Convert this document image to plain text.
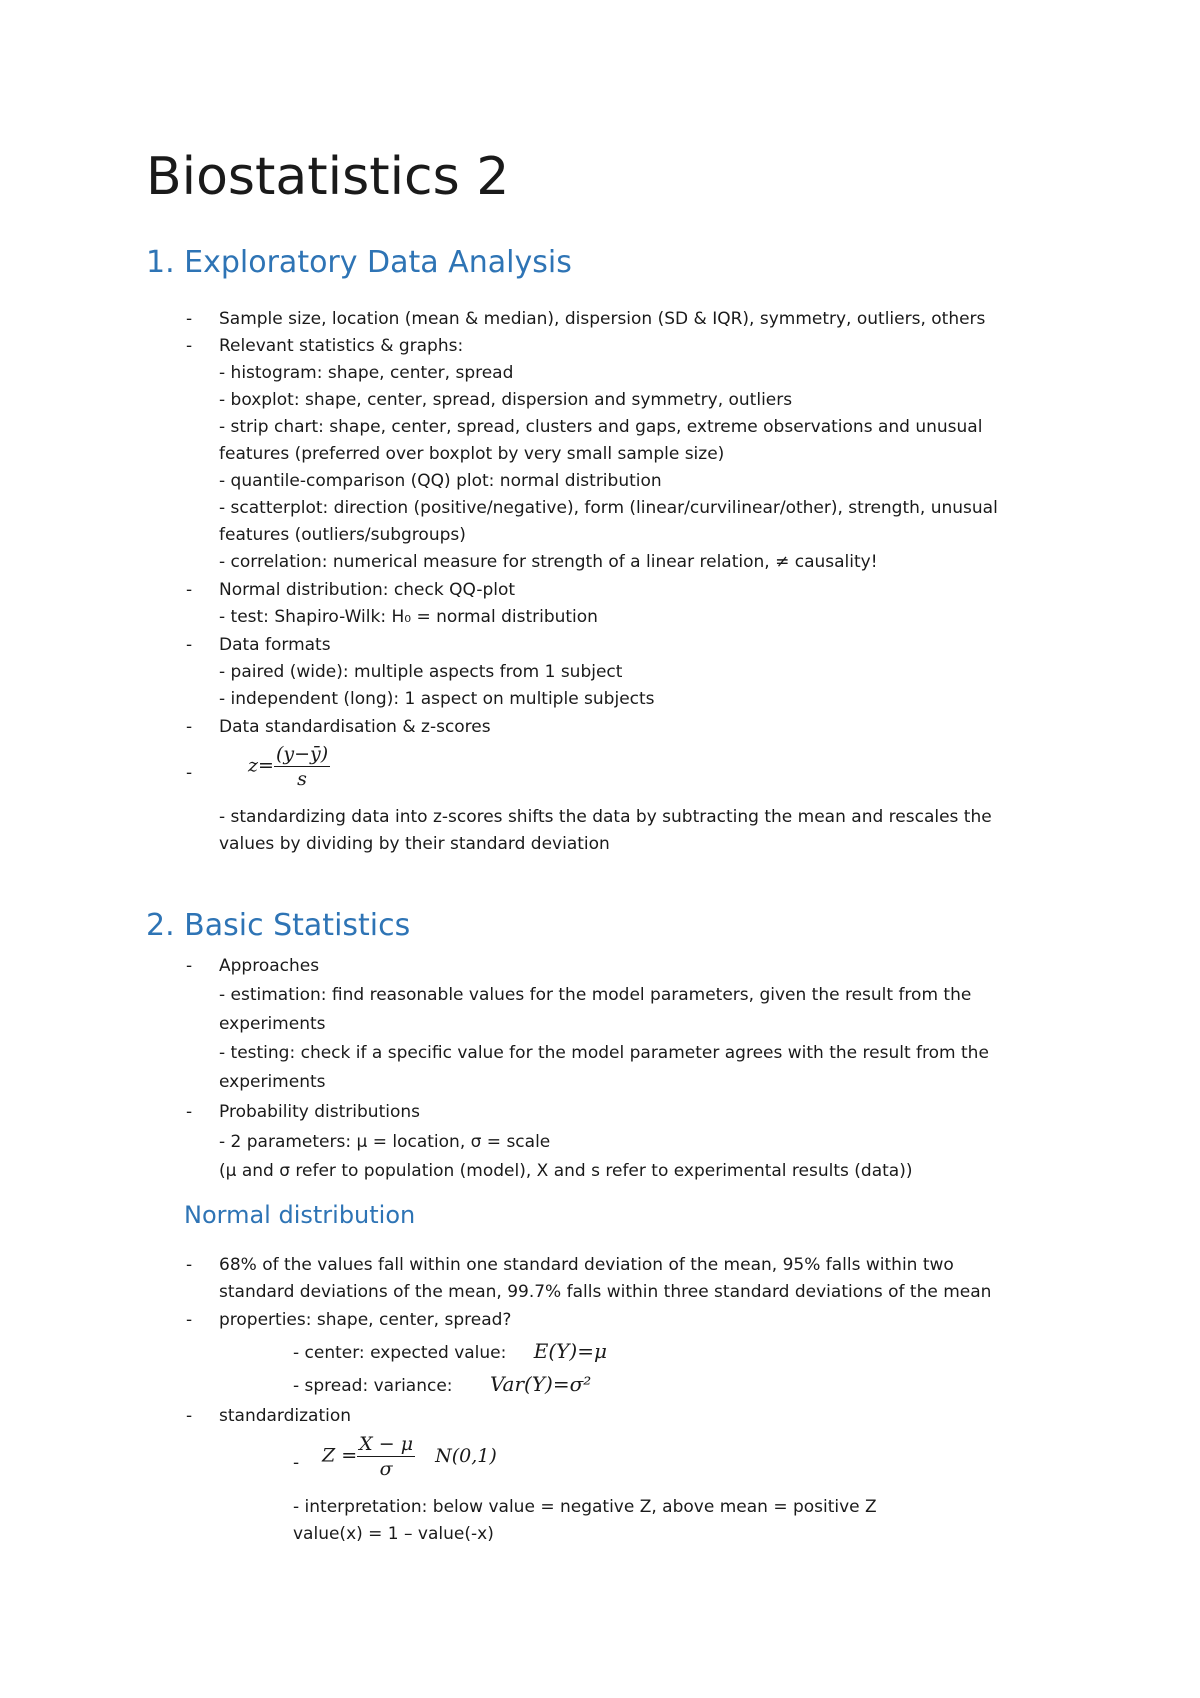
Biostatistics 2
1. Exploratory Data Analysis
- Sample size, location (mean & median), dispersion (SD & IQR), symmetry, outliers, others
- Relevant statistics & graphs:
- histogram: shape, center, spread
- boxplot: shape, center, spread, dispersion and symmetry, outliers
- strip chart: shape, center, spread, clusters and gaps, extreme observations and unusual
features (preferred over boxplot by very small sample size)
- quantile-comparison (QQ) plot: normal distribution
- scatterplot: direction (positive/negative), form (linear/curvilinear/other), strength, unusual
features (outliers/subgroups)
- correlation: numerical measure for strength of a linear relation, ≠ causality!
- Normal distribution: check QQ-plot
- test: Shapiro-Wilk: H₀ = normal distribution
- Data formats
- paired (wide): multiple aspects from 1 subject
- independent (long): 1 aspect on multiple subjects
- Data standardisation & z-scores
-	$z= \frac{(y-ȳ)}{s}$
- standardizing data into z-scores shifts the data by subtracting the mean and rescales the
values by dividing by their standard deviation
2. Basic Statistics
- Approaches
- estimation: find reasonable values for the model parameters, given the result from the
experiments
- testing: check if a specific value for the model parameter agrees with the result from the
experiments
- Probability distributions
- 2 parameters: μ = location, σ = scale
(μ and σ refer to population (model), X and s refer to experimental results (data))
Normal distribution
- 68% of the values fall within one standard deviation of the mean, 95% falls within two
standard deviations of the mean, 99.7% falls within three standard deviations of the mean
- properties: shape, center, spread?
- center: expected value: E(Y)=μ
- spread: variance: Var(Y)=σ²
- standardization
- $Z = \frac{X - \mu}{\sigma} N(0,1)$
- interpretation: below value = negative Z, above mean = positive Z
value(x) = 1 – value(-x)
